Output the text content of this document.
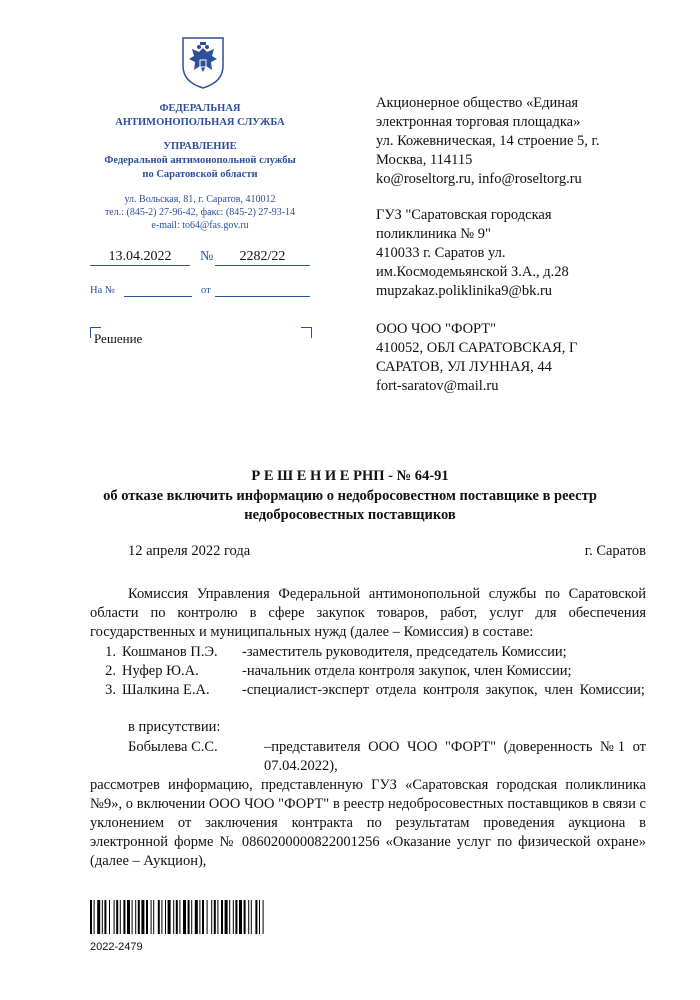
ФЕДЕРАЛЬНАЯ
АНТИМОНОПОЛЬНАЯ СЛУЖБА
УПРАВЛЕНИЕ
Федеральной антимонопольной службы
по Саратовской области
ул. Вольская, 81, г. Саратов, 410012
тел.: (845-2) 27-96-42, факс: (845-2) 27-93-14
e-mail: to64@fas.gov.ru
13.04.2022	№	2282/22
На №	от
Решение
Акционерное общество «Единая
электронная торговая площадка»
ул. Кожевническая, 14 строение 5, г.
Москва, 114115
ko@roseltorg.ru, info@roseltorg.ru
ГУЗ "Саратовская городская
поликлиника № 9"
410033 г. Саратов ул.
им.Космодемьянской З.А., д.28
mupzakaz.poliklinika9@bk.ru
ООО ЧОО "ФОРТ"
410052, ОБЛ САРАТОВСКАЯ, Г
САРАТОВ, УЛ ЛУННАЯ, 44
fort-saratov@mail.ru
Р Е Ш Е Н И Е РНП - № 64-91
об отказе включить информацию о недобросовестном поставщике в реестр
недобросовестных поставщиков
12 апреля 2022 года	г. Саратов
Комиссия Управления Федеральной антимонопольной службы по Саратовской области по контролю в сфере закупок товаров, работ, услуг для обеспечения государственных и муниципальных нужд (далее – Комиссия) в составе:
1. Кошманов П.Э.	-заместитель руководителя, председатель Комиссии;
2. Нуфер Ю.А.	-начальник отдела контроля закупок, член Комиссии;
3. Шалкина Е.А.	-специалист-эксперт отдела контроля закупок, член Комиссии;
в присутствии:
Бобылева С.С.	–представителя ООО ЧОО "ФОРТ" (доверенность №1 от 07.04.2022),
рассмотрев информацию, представленную ГУЗ «Саратовская городская поликлиника №9», о включении ООО ЧОО "ФОРТ" в реестр недобросовестных поставщиков в связи с уклонением от заключения контракта по результатам проведения аукциона в электронной форме № 0860200000822001256 «Оказание услуг по физической охране» (далее – Аукцион),
2022-2479
